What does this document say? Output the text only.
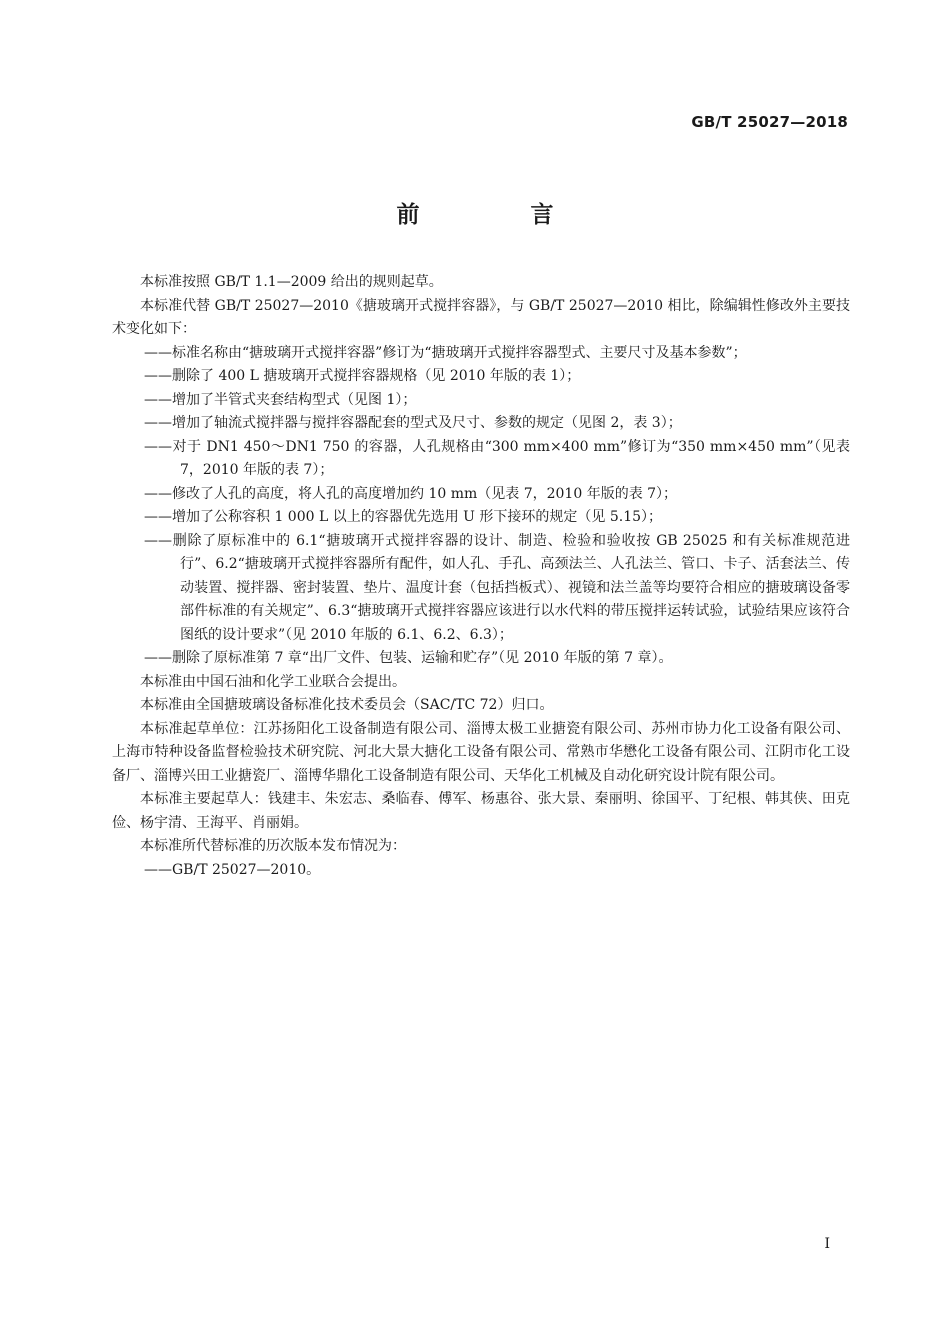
GB/T 25027—2018
前　言

本标准按照 GB/T 1.1—2009 给出的规则起草。

本标准代替 GB/T 25027—2010《搪玻璃开式搅拌容器》，与 GB/T 25027—2010 相比，除编辑性修改外主要技术变化如下：

——标准名称由“搪玻璃开式搅拌容器”修订为“搪玻璃开式搅拌容器型式、主要尺寸及基本参数”；

——删除了 400 L 搪玻璃开式搅拌容器规格（见 2010 年版的表 1）；

——增加了半管式夹套结构型式（见图 1）；

——增加了轴流式搅拌器与搅拌容器配套的型式及尺寸、参数的规定（见图 2，表 3）；

——对于 DN1 450～DN1 750 的容器，人孔规格由“300 mm×400 mm”修订为“350 mm×450 mm”（见表 7，2010 年版的表 7）；

——修改了人孔的高度，将人孔的高度增加约 10 mm（见表 7，2010 年版的表 7）；

——增加了公称容积 1 000 L 以上的容器优先选用 U 形下接环的规定（见 5.15）；

——删除了原标准中的 6.1“搪玻璃开式搅拌容器的设计、制造、检验和验收按 GB 25025 和有关标准规范进行”、6.2“搪玻璃开式搅拌容器所有配件，如人孔、手孔、高颈法兰、人孔法兰、管口、卡子、活套法兰、传动装置、搅拌器、密封装置、垫片、温度计套（包括挡板式）、视镜和法兰盖等均要符合相应的搪玻璃设备零部件标准的有关规定”、6.3“搪玻璃开式搅拌容器应该进行以水代料的带压搅拌运转试验，试验结果应该符合图纸的设计要求”（见 2010 年版的 6.1、6.2、6.3）；

——删除了原标准第 7 章“出厂文件、包装、运输和贮存”（见 2010 年版的第 7 章）。

本标准由中国石油和化学工业联合会提出。

本标准由全国搪玻璃设备标准化技术委员会（SAC/TC 72）归口。

本标准起草单位：江苏扬阳化工设备制造有限公司、淄博太极工业搪瓷有限公司、苏州市协力化工设备有限公司、上海市特种设备监督检验技术研究院、河北大景大搪化工设备有限公司、常熟市华懋化工设备有限公司、江阴市化工设备厂、淄博兴田工业搪瓷厂、淄博华鼎化工设备制造有限公司、天华化工机械及自动化研究设计院有限公司。

本标准主要起草人：钱建丰、朱宏志、桑临春、傅军、杨惠谷、张大景、秦丽明、徐国平、丁纪根、韩其侠、田克俭、杨宇清、王海平、肖丽娟。

本标准所代替标准的历次版本发布情况为：

——GB/T 25027—2010。

I
